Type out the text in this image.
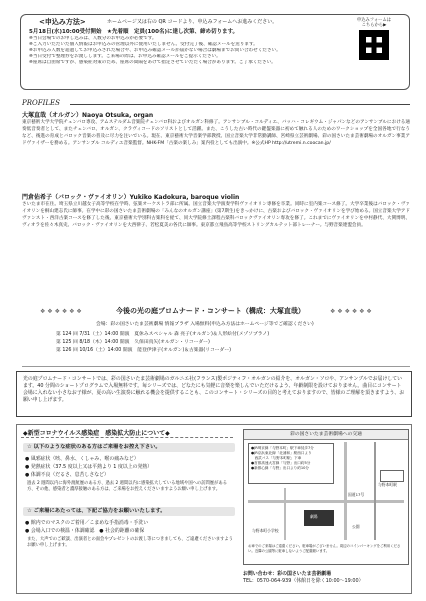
<申込み方法>	ホームページ又は右の QR コードより、申込みフォームへお進みください。
5月18日(水)10:00受付開始　★先着順　定員(100名)に達し次第、締め切ります。
※当日会場でのお申し込みは、人数分のお申込みが必要です。
※ご入力いただいた個人情報はお申込みの管理以外に使用いたしません。受付完了後、確認メールを送ります。
※お申込み人数を超過してお申込みされた場合や、お申込み確認メールが届かない場合は劇場までお問い合わせください。
※当日受付で整理券をお渡しします。ご来場の際は、お申込み確認メールをご提示ください。
※座席は自由席ですが、感染症対策のため、座席の間隔をあけて指定させていただく場合があります。ご了承ください。
申込みフォームは
こちらから▶
PROFILES
大塚直哉（オルガン）Naoya Otsuka, organ
東京藝術大学大学院チェンバロ専攻、アムステルダム音楽院チェンバロ科およびオルガン科修了。アンサンブル・コルディエ、バッハ・コレギウム・ジャパンなどのアンサンブルにおける通奏低音奏者として、またチェンバロ、オルガン、クラヴィコードのソリストとして活躍。また、こうした古い時代の鍵盤楽器に初めて触れる人のためのワークショップを全国各地で行なうなど、後進の育成とバロック音楽の普及に尽力を注いでいる。現在、東京藝術大学音楽学部教授、国立音楽大学非常勤講師、宮崎県立芸術劇場、彩の国さいたま芸術劇場のオルガン事業アドヴァイザーを務める。アンサンブル コルディエ音楽監督。NHK-FM「古楽の楽しみ」案内役としても出演中。※公式HP http://utremi.n.coocan.jp/
門倉佑希子（バロック・ヴァイオリン）Yukiko Kadokura, baroque violin
さいたま市在住。埼玉県立川越女子高等学校在学時、弦楽オーケストラ部に所属。国立音楽大学演奏学科ヴァイオリン専修を卒業。同時に室内楽コース修了。大学卒業後はバロック・ヴァイオリンを桐山建志氏に師事。在学中に彩の国さいたま芸術劇場の「みんなのオルガン講座」(第7期生)をきっかけに、古楽およびバロック・ヴァイオリンを学び始める。国立音楽大学アドヴァンスト・西洋古楽コースを修了した後、東京藝術大学別科古楽科を経て、同大学院修士課程古楽科バロックヴァイオリン専攻を修了。これまでにヴァイオリンを中村静代、大関博明、ヴィオラを佐々木真史、バロック・ヴァイオリンを大西律子、若松夏美の各氏に師事。東京都立飛鳥高等学校ストリングカルテット部トレーナー。与野音楽連盟会員。
❖ ❖ ❖ ❖ ❖ ❖	❖ ❖ ❖ ❖ ❖ ❖
今後の光の庭プロムナード・コンサート（構成：大塚直哉）
会場：彩の国さいたま芸術劇場 情報プラザ 入場無料(申込み方法はホームページ等でご確認ください)
第 124 回 7/31（土）14:00 開演　夏休みスペシャル 森 亮子(オルガン)＆人形絵付(メゾソプラノ)
第 125 回 8/18（木）14:00 開演　久保田真矢(オルガン・リコーダー)
第 126 回 10/16（土）14:00 開演　能登伊津子(オルガン)＆古楽器(リコーダー)
光の庭プロムナード・コンサートでは、彩の国さいたま芸術劇場のガルニエ社(フランス)製ポジティフ・オルガンの紹介を、オルガン・ソロや、アンサンブルでお届けしています。40 分間のショートプログラムで入場無料です。毎シリーズでは、どなたにも気軽に音楽を楽しんでいただけるよう、年齢制限を設けておりません。曲目にコンサート会場に入れない小さなお子様が、夏の高い生演奏に触れる機会を提供することも、このコンサート・シリーズの目的と考えておりますので、皆様のご理解を頂きますよう、お願い申し上げます。
◆新型コロナウイルス感染症　感染拡大防止について◆
☆ 以下のような症状のある方はご来場をお控え下さい。
● 風邪症状（咳、鼻水、くしゃみ、喉の痛みなど）
● 発熱症状（37.5 度以上又は平熱より 1 度以上の発熱）
● 体調不良（だるさ、息苦しさなど）
過去 2 週間以内に海外渡航歴のある方、過去 2 週間以内に感染拡大している地域や国への訪問歴がある方、その他、感染者と濃厚接触のある方は、ご来場をお控えくださいますようお願い申し上げます。
☆ ご来場にあたっては、下記ご協力をお願いいたします。
● 館内でのマスクのご着用／こまめな手指消毒・手洗い
● 会場入口での検温・体調確認　● 社会的距離の確保
また、大声でのご歓談、出演者との面会やプレゼントのお渡し等につきましても、ご遠慮くださいますようお願い申し上げます。
彩の国さいたま芸術劇場への交通
●JR埼京線「与野本町」駅下車徒歩7分
●JR京浜東北線「北浦和」駅西口より
　西武バス「与野本町駅」下車
●首都高速大宮線「与野」出口約5分
●新都心線「与野」出口より約10分
劇場
与野本町駅
与野本町小学校
公園
国道17号
お車でのご来場はご遠慮ください。駐車場がございません。周辺のコインパーキングをご利用ください。近隣の公園等に駐車しないようご配慮願います。
お問い合わせ：彩の国さいたま芸術劇場
TEL：0570-064-939（休館日を除く10:00～19:00）
